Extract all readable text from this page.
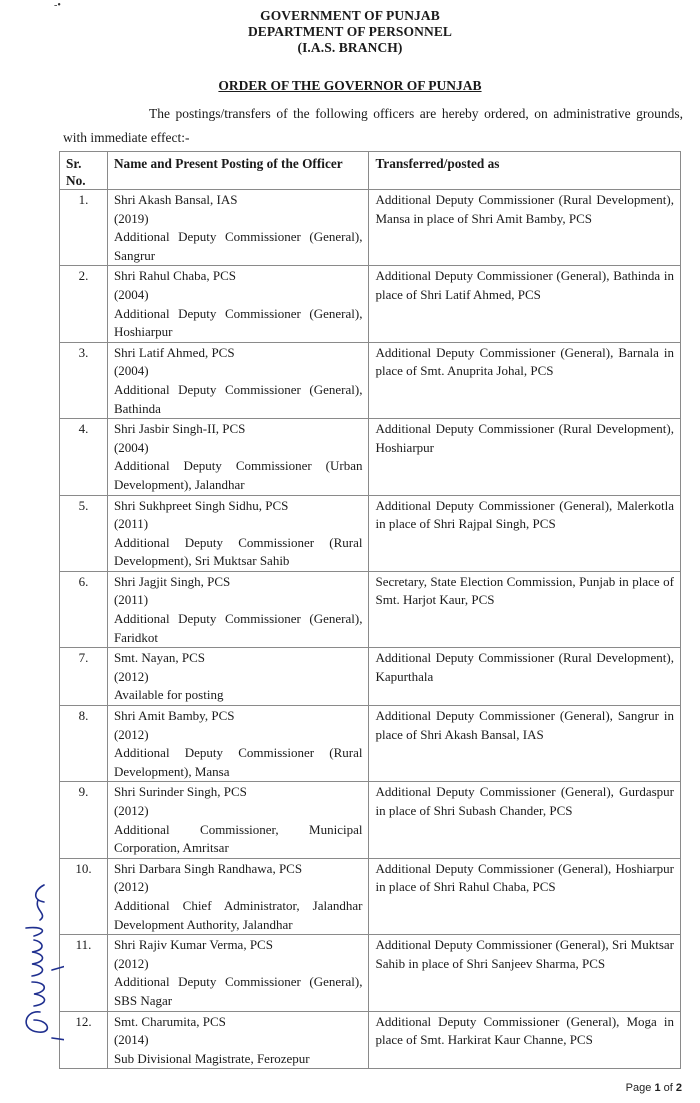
-•
GOVERNMENT OF PUNJAB
DEPARTMENT OF PERSONNEL
(I.A.S. BRANCH)
ORDER OF THE GOVERNOR OF PUNJAB
The postings/transfers of the following officers are hereby ordered, on administrative grounds, with immediate effect:-
Sr.
No.	Name and Present Posting of the Officer	Transferred/posted as
1.	Shri Akash Bansal, IAS
(2019)
Additional Deputy Commissioner (General), Sangrur	Additional Deputy Commissioner (Rural Development), Mansa in place of Shri Amit Bamby, PCS
2.	Shri Rahul Chaba, PCS
(2004)
Additional Deputy Commissioner (General), Hoshiarpur	Additional Deputy Commissioner (General), Bathinda in place of Shri Latif Ahmed, PCS
3.	Shri Latif Ahmed, PCS
(2004)
Additional Deputy Commissioner (General), Bathinda	Additional Deputy Commissioner (General), Barnala in place of Smt. Anuprita Johal, PCS
4.	Shri Jasbir Singh-II, PCS
(2004)
Additional Deputy Commissioner (Urban Development), Jalandhar	Additional Deputy Commissioner (Rural Development), Hoshiarpur
5.	Shri Sukhpreet Singh Sidhu, PCS
(2011)
Additional Deputy Commissioner (Rural Development), Sri Muktsar Sahib	Additional Deputy Commissioner (General), Malerkotla in place of Shri Rajpal Singh, PCS
6.	Shri Jagjit Singh, PCS
(2011)
Additional Deputy Commissioner (General), Faridkot	Secretary, State Election Commission, Punjab in place of Smt. Harjot Kaur, PCS
7.	Smt. Nayan, PCS
(2012)
Available for posting	Additional Deputy Commissioner (Rural Development), Kapurthala
8.	Shri Amit Bamby, PCS
(2012)
Additional Deputy Commissioner (Rural Development), Mansa	Additional Deputy Commissioner (General), Sangrur in place of Shri Akash Bansal, IAS
9.	Shri Surinder Singh, PCS
(2012)
Additional Commissioner, Municipal Corporation, Amritsar	Additional Deputy Commissioner (General), Gurdaspur in place of Shri Subash Chander, PCS
10.	Shri Darbara Singh Randhawa, PCS
(2012)
Additional Chief Administrator, Jalandhar Development Authority, Jalandhar	Additional Deputy Commissioner (General), Hoshiarpur in place of Shri Rahul Chaba, PCS
11.	Shri Rajiv Kumar Verma, PCS
(2012)
Additional Deputy Commissioner (General), SBS Nagar	Additional Deputy Commissioner (General), Sri Muktsar Sahib in place of Shri Sanjeev Sharma, PCS
12.	Smt. Charumita, PCS
(2014)
Sub Divisional Magistrate, Ferozepur	Additional Deputy Commissioner (General), Moga in place of Smt. Harkirat Kaur Channe, PCS
Page 1 of 2
